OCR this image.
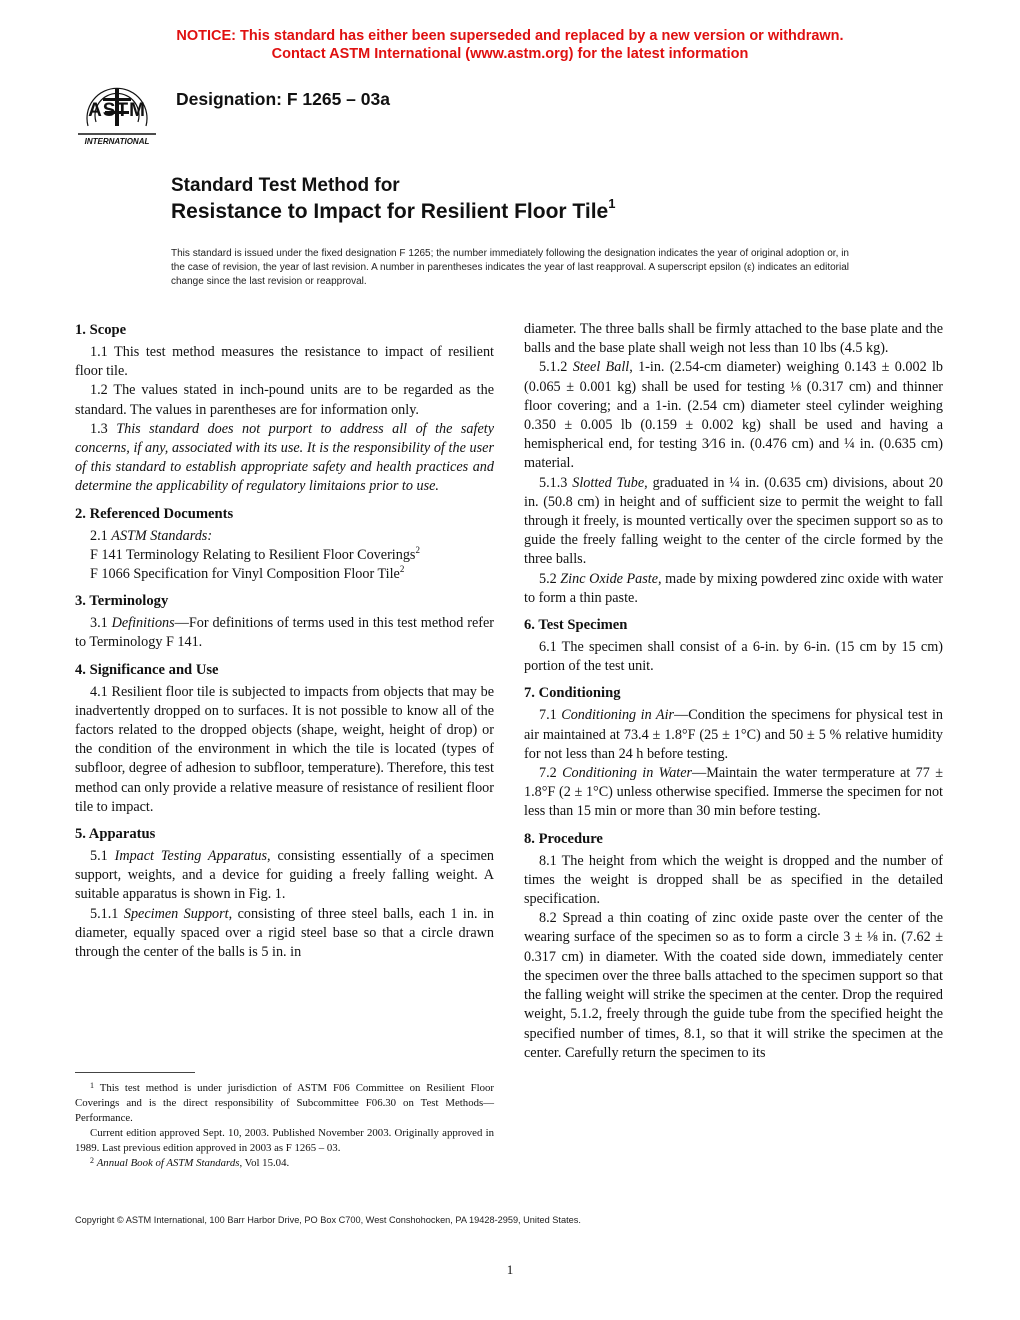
NOTICE: This standard has either been superseded and replaced by a new version or withdrawn.
Contact ASTM International (www.astm.org) for the latest information
ASTM
INTERNATIONAL
Designation: F 1265 – 03a
Standard Test Method for
Resistance to Impact for Resilient Floor Tile$^1$
This standard is issued under the fixed designation F 1265; the number immediately following the designation indicates the year of original adoption or, in the case of revision, the year of last revision. A number in parentheses indicates the year of last reapproval. A superscript epsilon (ε) indicates an editorial change since the last revision or reapproval.
1. Scope

1.1 This test method measures the resistance to impact of resilient floor tile.

1.2 The values stated in inch-pound units are to be regarded as the standard. The values in parentheses are for information only.

1.3 This standard does not purport to address all of the safety concerns, if any, associated with its use. It is the responsibility of the user of this standard to establish appropriate safety and health practices and determine the applicability of regulatory limitaions prior to use.

2. Referenced Documents

2.1 ASTM Standards:

F 141 Terminology Relating to Resilient Floor Coverings$^2$

F 1066 Specification for Vinyl Composition Floor Tile$^2$

3. Terminology

3.1 Definitions—For definitions of terms used in this test method refer to Terminology F 141.

4. Significance and Use

4.1 Resilient floor tile is subjected to impacts from objects that may be inadvertently dropped on to surfaces. It is not possible to know all of the factors related to the dropped objects (shape, weight, height of drop) or the condition of the environment in which the tile is located (types of subfloor, degree of adhesion to subfloor, temperature). Therefore, this test method can only provide a relative measure of resistance of resilient floor tile to impact.

5. Apparatus

5.1 Impact Testing Apparatus, consisting essentially of a specimen support, weights, and a device for guiding a freely falling weight. A suitable apparatus is shown in Fig. 1.

5.1.1 Specimen Support, consisting of three steel balls, each 1 in. in diameter, equally spaced over a rigid steel base so that a circle drawn through the center of the balls is 5 in. in

$^1$ This test method is under jurisdiction of ASTM F06 Committee on Resilient Floor Coverings and is the direct responsibility of Subcommittee F06.30 on Test Methods—Performance.

Current edition approved Sept. 10, 2003. Published November 2003. Originally approved in 1989. Last previous edition approved in 2003 as F 1265 – 03.

$^2$ Annual Book of ASTM Standards, Vol 15.04.

diameter. The three balls shall be firmly attached to the base plate and the balls and the base plate shall weigh not less than 10 lbs (4.5 kg).

5.1.2 Steel Ball, 1-in. (2.54-cm diameter) weighing 0.143 ± 0.002 lb (0.065 ± 0.001 kg) shall be used for testing ⅛ (0.317 cm) and thinner floor covering; and a 1-in. (2.54 cm) diameter steel cylinder weighing 0.350 ± 0.005 lb (0.159 ± 0.002 kg) shall be used and having a hemispherical end, for testing 3⁄16 in. (0.476 cm) and ¼ in. (0.635 cm) material.

5.1.3 Slotted Tube, graduated in ¼ in. (0.635 cm) divisions, about 20 in. (50.8 cm) in height and of sufficient size to permit the weight to fall through it freely, is mounted vertically over the specimen support so as to guide the freely falling weight to the center of the circle formed by the three balls.

5.2 Zinc Oxide Paste, made by mixing powdered zinc oxide with water to form a thin paste.

6. Test Specimen

6.1 The specimen shall consist of a 6-in. by 6-in. (15 cm by 15 cm) portion of the test unit.

7. Conditioning

7.1 Conditioning in Air—Condition the specimens for physical test in air maintained at 73.4 ± 1.8°F (25 ± 1°C) and 50 ± 5 % relative humidity for not less than 24 h before testing.

7.2 Conditioning in Water—Maintain the water termperature at 77 ± 1.8°F (2 ± 1°C) unless otherwise specified. Immerse the specimen for not less than 15 min or more than 30 min before testing.

8. Procedure

8.1 The height from which the weight is dropped and the number of times the weight is dropped shall be as specified in the detailed specification.

8.2 Spread a thin coating of zinc oxide paste over the center of the wearing surface of the specimen so as to form a circle 3 ± ⅛ in. (7.62 ± 0.317 cm) in diameter. With the coated side down, immediately center the specimen over the three balls attached to the specimen support so that the falling weight will strike the specimen at the center. Drop the required weight, 5.1.2, freely through the guide tube from the specified height the specified number of times, 8.1, so that it will strike the specimen at the center. Carefully return the specimen to its

Copyright © ASTM International, 100 Barr Harbor Drive, PO Box C700, West Conshohocken, PA 19428-2959, United States.
1
